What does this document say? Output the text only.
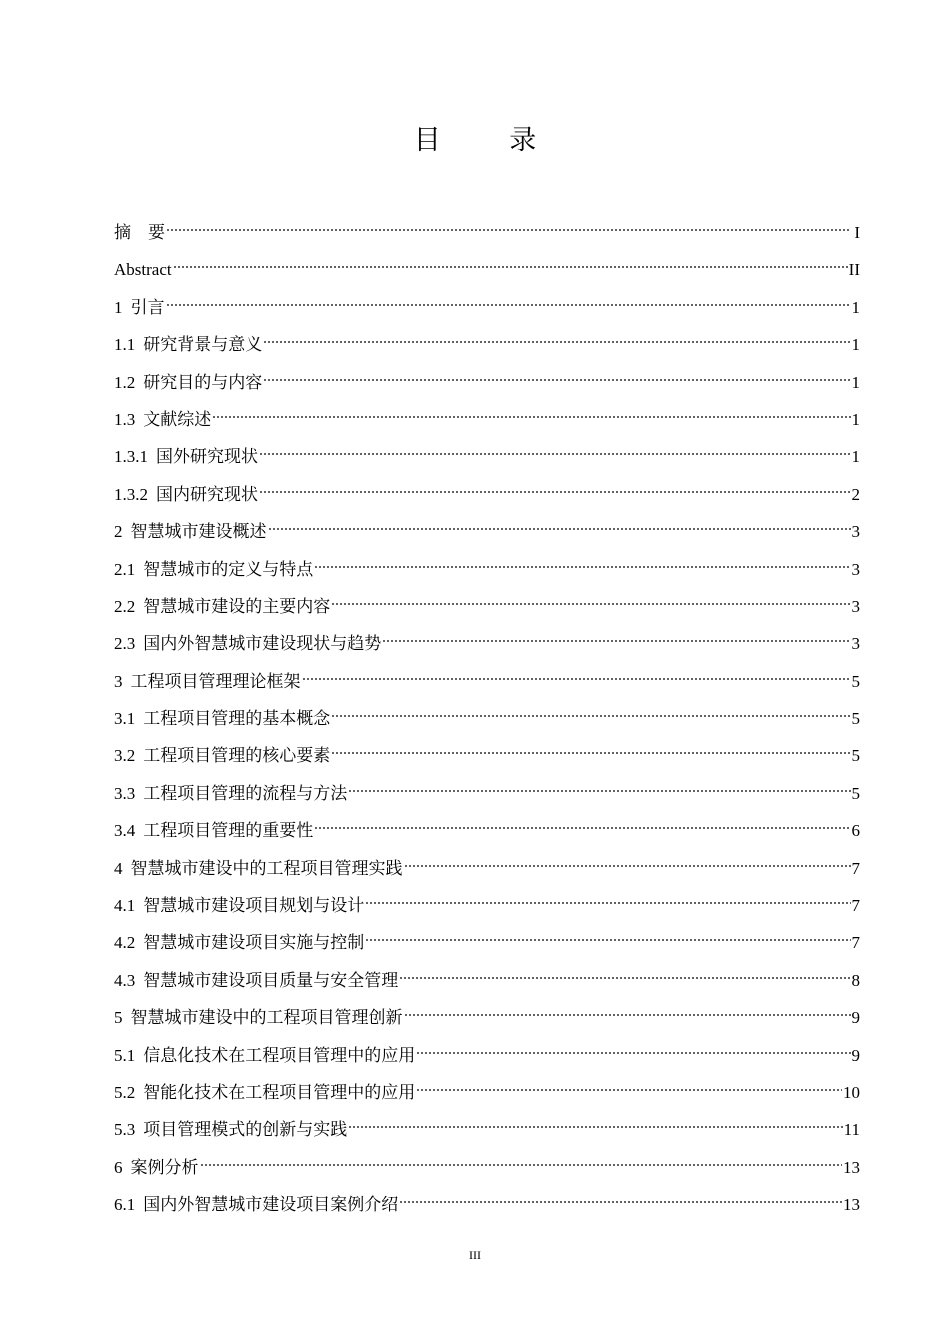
目 录
摘　要	I
Abstract	II
1 引言	1
1.1 研究背景与意义	1
1.2 研究目的与内容	1
1.3 文献综述	1
1.3.1 国外研究现状	1
1.3.2 国内研究现状	2
2 智慧城市建设概述	3
2.1 智慧城市的定义与特点	3
2.2 智慧城市建设的主要内容	3
2.3 国内外智慧城市建设现状与趋势	3
3 工程项目管理理论框架	5
3.1 工程项目管理的基本概念	5
3.2 工程项目管理的核心要素	5
3.3 工程项目管理的流程与方法	5
3.4 工程项目管理的重要性	6
4 智慧城市建设中的工程项目管理实践	7
4.1 智慧城市建设项目规划与设计	7
4.2 智慧城市建设项目实施与控制	7
4.3 智慧城市建设项目质量与安全管理	8
5 智慧城市建设中的工程项目管理创新	9
5.1 信息化技术在工程项目管理中的应用	9
5.2 智能化技术在工程项目管理中的应用	10
5.3 项目管理模式的创新与实践	11
6 案例分析	13
6.1 国内外智慧城市建设项目案例介绍	13
III
